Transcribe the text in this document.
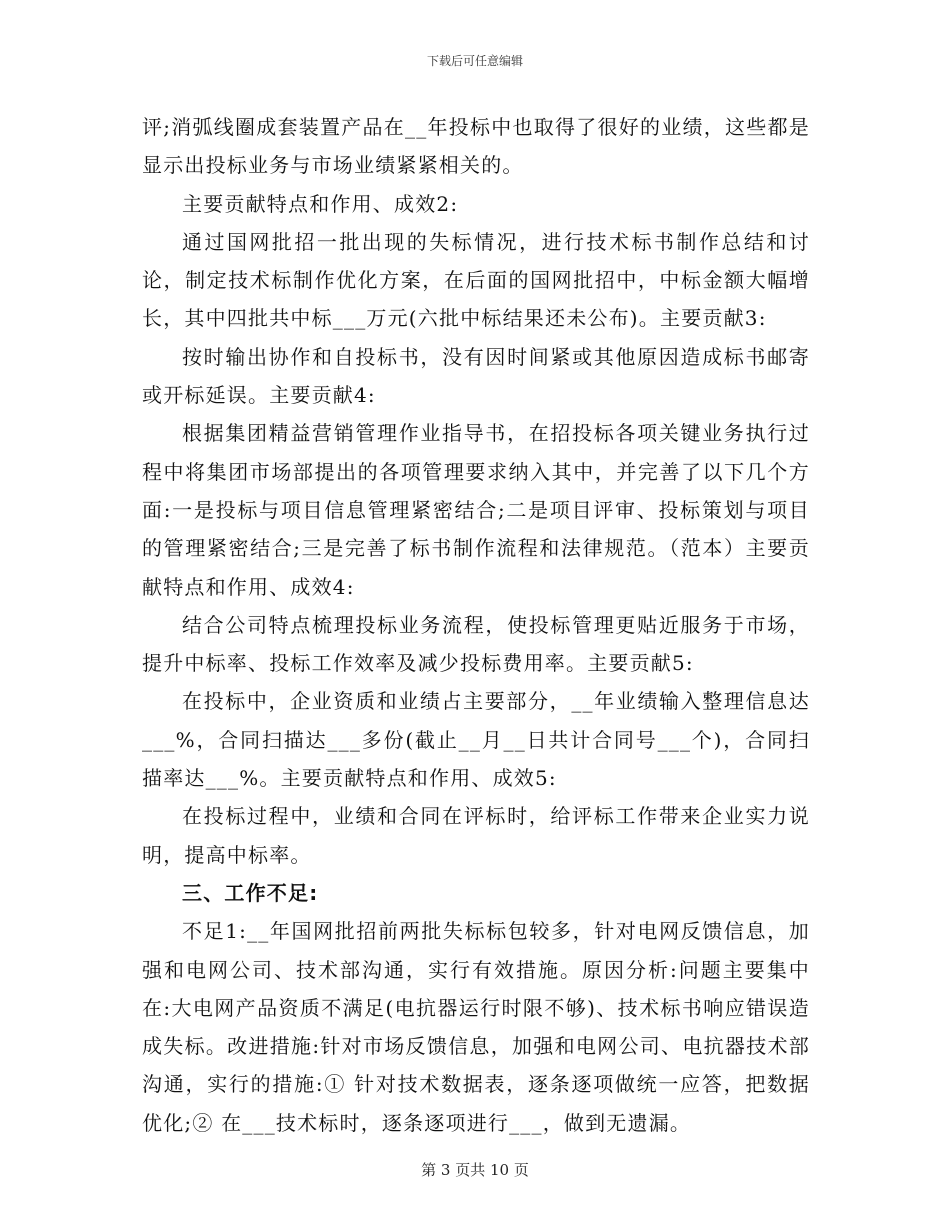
下载后可任意编辑

评;消弧线圈成套装置产品在__年投标中也取得了很好的业绩，这些都是显示出投标业务与市场业绩紧紧相关的。

主要贡献特点和作用、成效2:

通过国网批招一批出现的失标情况，进行技术标书制作总结和讨论，制定技术标制作优化方案，在后面的国网批招中，中标金额大幅增长，其中四批共中标___万元(六批中标结果还未公布)。主要贡献3:

按时输出协作和自投标书，没有因时间紧或其他原因造成标书邮寄或开标延误。主要贡献4:

根据集团精益营销管理作业指导书，在招投标各项关键业务执行过程中将集团市场部提出的各项管理要求纳入其中，并完善了以下几个方面:一是投标与项目信息管理紧密结合;二是项目评审、投标策划与项目的管理紧密结合;三是完善了标书制作流程和法律规范。（范本）主要贡献特点和作用、成效4:

结合公司特点梳理投标业务流程，使投标管理更贴近服务于市场，提升中标率、投标工作效率及减少投标费用率。主要贡献5:

在投标中，企业资质和业绩占主要部分，__年业绩输入整理信息达___%，合同扫描达___多份(截止__月__日共计合同号___个)，合同扫描率达___%。主要贡献特点和作用、成效5:

在投标过程中，业绩和合同在评标时，给评标工作带来企业实力说明，提高中标率。

三、工作不足:

不足1:__年国网批招前两批失标标包较多，针对电网反馈信息，加强和电网公司、技术部沟通，实行有效措施。原因分析:问题主要集中在:大电网产品资质不满足(电抗器运行时限不够)、技术标书响应错误造成失标。改进措施:针对市场反馈信息，加强和电网公司、电抗器技术部沟通，实行的措施:① 针对技术数据表，逐条逐项做统一应答，把数据优化;② 在___技术标时，逐条逐项进行___，做到无遗漏。

第 3 页共 10 页
